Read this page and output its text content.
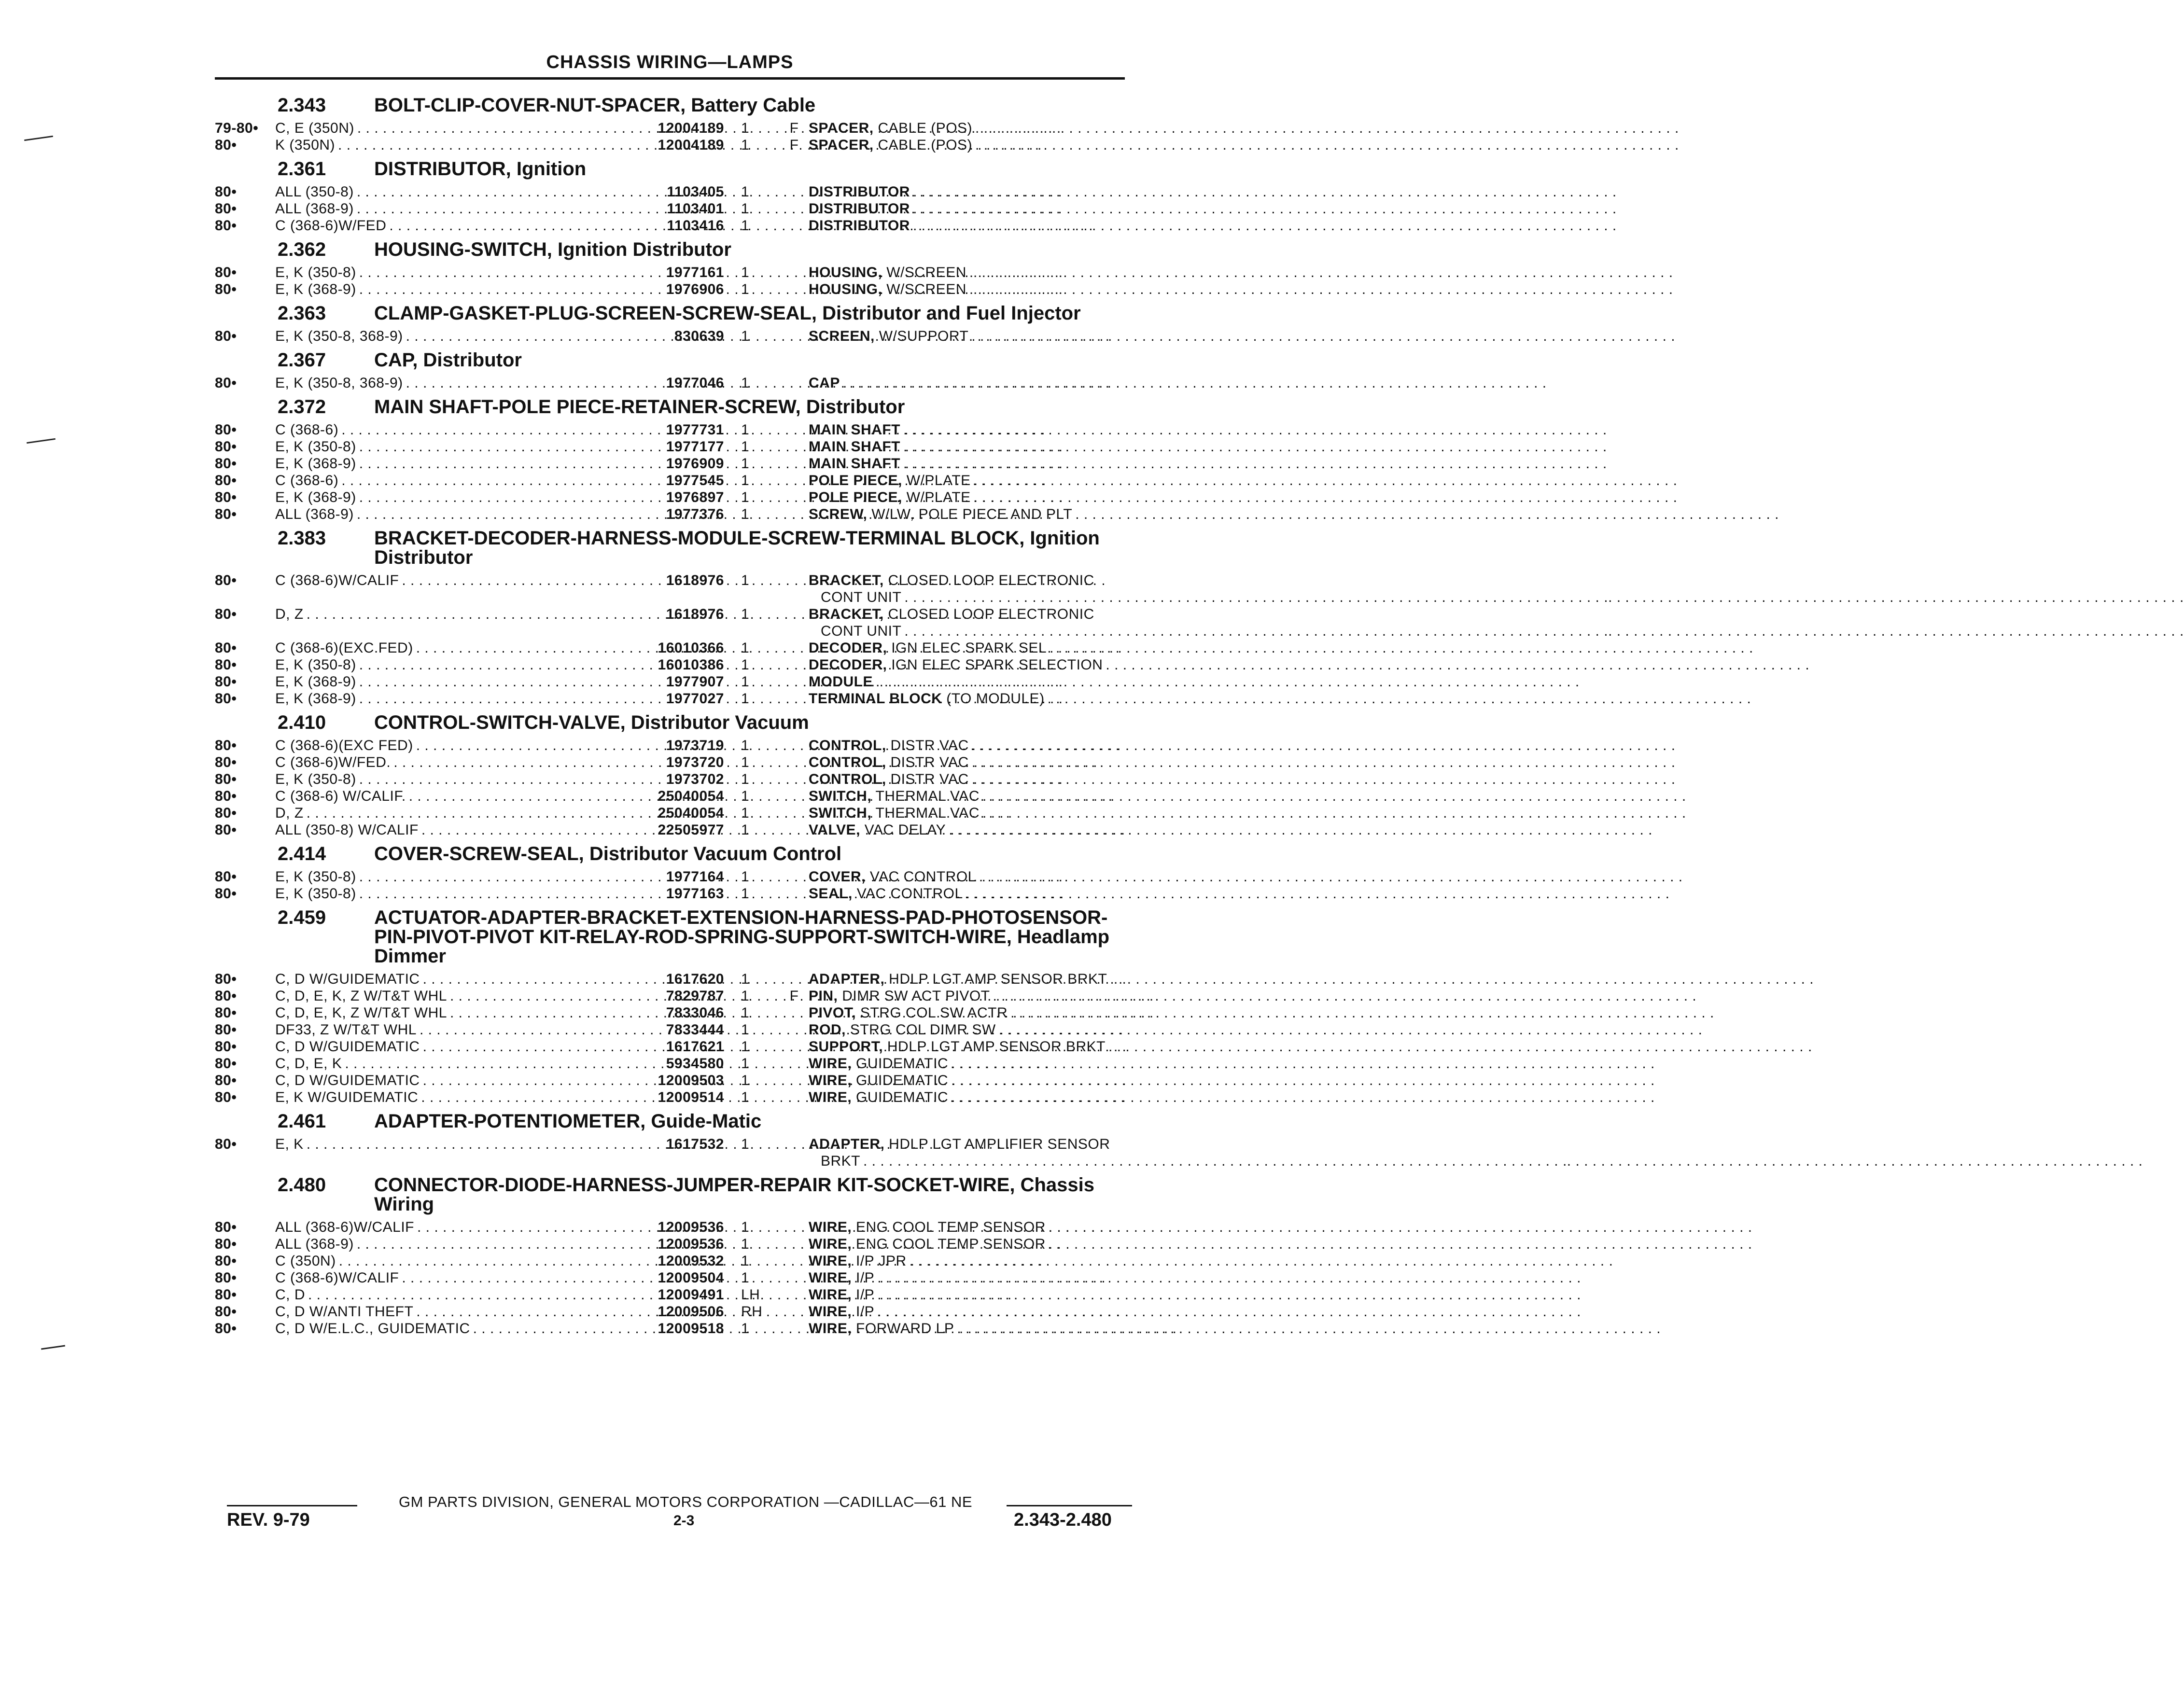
CHASSIS WIRING—LAMPS
2.343	BOLT-CLIP-COVER-NUT-SPACER, Battery Cable
79-80•	C, E (350N) . . .	12004189	1	F SPACER, CABLE (POS)
. . .
80•	K (350N) . . .	12004189	1	F SPACER, CABLE (POS)
. . .
2.361	DISTRIBUTOR, Ignition
80•	ALL (350-8) . . .	1103405	1	DISTRIBUTOR
. . .
80•	ALL (368-9) . . .	1103401	1	DISTRIBUTOR
. . .
80•	C (368-6)W/FED . . .	1103416	1	DISTRIBUTOR
. . .
2.362	HOUSING-SWITCH, Ignition Distributor
80•	E, K (350-8) . . .	1977161	1	HOUSING, W/SCREEN
. . .
80•	E, K (368-9) . . .	1976906	1	HOUSING, W/SCREEN
. . .
2.363	CLAMP-GASKET-PLUG-SCREEN-SCREW-SEAL, Distributor and Fuel Injector
80•	E, K (350-8, 368-9) . . .	830639	1	SCREEN, W/SUPPORT
. . .
2.367	CAP, Distributor
80•	E, K (350-8, 368-9) . . .	1977046	1	CAP
. . .
2.372	MAIN SHAFT-POLE PIECE-RETAINER-SCREW, Distributor
80•	C (368-6) . . .	1977731	1	MAIN SHAFT
. . .
80•	E, K (350-8) . . .	1977177	1	MAIN SHAFT
. . .
80•	E, K (368-9) . . .	1976909	1	MAIN SHAFT
. . .
80•	C (368-6) . . .	1977545	1	POLE PIECE, W/PLATE
. . .
80•	E, K (368-9) . . .	1976897	1	POLE PIECE, W/PLATE
. . .
80•	ALL (368-9) . . .	1977376	1	SCREW, W/LW, POLE PIECE AND PLT
. . .
2.383	BRACKET-DECODER-HARNESS-MODULE-SCREW-TERMINAL BLOCK, Ignition Distributor
80•	C (368-6)W/CALIF . . .	1618976	1	BRACKET, CLOSED LOOP ELECTRONIC
CONT UNIT	. . . . . . . . . . . . . . . . . . . . . . . . . . . . . . . . . . . . . . . . . . . . . . . . . . . . . . . . . . . . . . . . . . . . . . .
80•	D, Z . . .	1618976	1	BRACKET, CLOSED LOOP ELECTRONIC
CONT UNIT	. . . . . . . . . . . . . . . . . . . . . . . . . . . . . . . . . . . . . . . . . . . . . . . . . . . . . . . . . . . . . . . . . . . . . . .
80•	C (368-6)(EXC.FED) . . .	16010366	1	DECODER, IGN ELEC SPARK SEL
. . .
80•	E, K (350-8) . . .	16010386	1	DECODER, IGN ELEC SPARK SELECTION
. . .
80•	E, K (368-9) . . .	1977907	1	MODULE
. . .
80•	E, K (368-9) . . .	1977027	1	TERMINAL BLOCK (TO MODULE)
. . .
2.410	CONTROL-SWITCH-VALVE, Distributor Vacuum
80•	C (368-6)(EXC FED) . . .	1973719	1	CONTROL, DISTR VAC
. . .
80•	C (368-6)W/FED. . . .	1973720	1	CONTROL, DISTR VAC
. . .
80•	E, K (350-8) . . .	1973702	1	CONTROL, DISTR VAC
. . .
80•	C (368-6) W/CALIF. . . .	25040054	1	SWITCH, THERMAL VAC
. . .
80•	D, Z . . .	25040054	1	SWITCH, THERMAL VAC
. . .
80•	ALL (350-8) W/CALIF . . .	22505977	1	VALVE, VAC DELAY
. . .
2.414	COVER-SCREW-SEAL, Distributor Vacuum Control
80•	E, K (350-8) . . .	1977164	1	COVER, VAC CONTROL
. . .
80•	E, K (350-8) . . .	1977163	1	SEAL, VAC CONTROL
. . .
2.459	ACTUATOR-ADAPTER-BRACKET-EXTENSION-HARNESS-PAD-PHOTOSENSOR-PIN-PIVOT-PIVOT KIT-RELAY-ROD-SPRING-SUPPORT-SWITCH-WIRE, Headlamp Dimmer
80•	C, D W/GUIDEMATIC . . .	1617620	1	ADAPTER, HDLP LGT AMP SENSOR BRKT
. . .
80•	C, D, E, K, Z W/T&T WHL . . .	7829787	1	F PIN, DIMR SW ACT PIVOT
. . .
80•	C, D, E, K, Z W/T&T WHL . . .	7833046	1	PIVOT, STRG COL SW ACTR
. . .
80•	DF33, Z W/T&T WHL . . .	7833444	1	ROD, STRG COL DIMR SW
. . .
80•	C, D W/GUIDEMATIC . . .	1617621	1	SUPPORT, HDLP LGT AMP SENSOR BRKT
. . .
80•	C, D, E, K . . .	5934580	1	WIRE, GUIDEMATIC
. . .
80•	C, D W/GUIDEMATIC . . .	12009503	1	WIRE, GUIDEMATIC
. . .
80•	E, K W/GUIDEMATIC . . .	12009514	1	WIRE, GUIDEMATIC
. . .
2.461	ADAPTER-POTENTIOMETER, Guide-Matic
80•	E, K . . .	1617532	1	ADAPTER, HDLP LGT AMPLIFIER SENSOR
BRKT	. . . . . . . . . . . . . . . . . . . . . . . . . . . . . . . . . . . . . . . . . . . . . . . . . . . . . . . . . . . . . . . . . . . . . . .
2.480	CONNECTOR-DIODE-HARNESS-JUMPER-REPAIR KIT-SOCKET-WIRE, Chassis Wiring
80•	ALL (368-6)W/CALIF . . .	12009536	1	WIRE, ENG COOL TEMP SENSOR
. . .
80•	ALL (368-9) . . .	12009536	1	WIRE, ENG COOL TEMP SENSOR
. . .
80•	C (350N) . . .	12009532	1	WIRE, I/P JPR
. . .
80•	C (368-6)W/CALIF . . .	12009504	1	WIRE, I/P
. . .
80•	C, D . . .	12009491	LH	WIRE, I/P
. . .
80•	C, D W/ANTI THEFT . . .	12009506	RH	WIRE, I/P
. . .
80•	C, D W/E.L.C., GUIDEMATIC . . .	12009518	1	WIRE, FORWARD LP
. . .
GM PARTS DIVISION, GENERAL MOTORS CORPORATION —CADILLAC—61 NE
REV. 9-79	2-3	2.343-2.480
